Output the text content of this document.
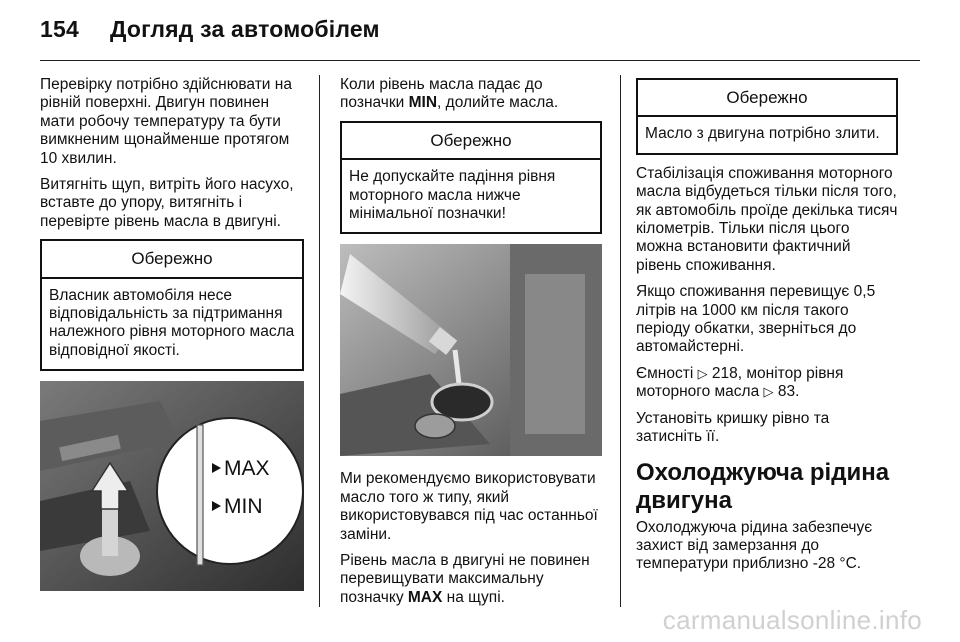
154 Догляд за автомобілем

Перевірку потрібно здійснювати на рівній поверхні. Двигун повинен мати робочу температуру та бути вимкненим щонайменше протягом 10 хвилин.

Витягніть щуп, витріть його насухо, вставте до упору, витягніть і перевірте рівень масла в двигуні.

Обережно
Власник автомобіля несе відповідальність за підтримання належного рівня моторного масла відповідної якості.
MAX
MIN

Коли рівень масла падає до позначки MIN, долийте масла.

Обережно
Не допускайте падіння рівня моторного масла нижче мінімальної позначки!

Ми рекомендуємо використовувати масло того ж типу, який використовувався під час останньої заміни.

Рівень масла в двигуні не повинен перевищувати максимальну позначку MAX на щупі.

Обережно
Масло з двигуна потрібно злити.

Стабілізація споживання моторного масла відбудеться тільки після того, як автомобіль проїде декілька тисяч кілометрів. Тільки після цього можна встановити фактичний рівень споживання.

Якщо споживання перевищує 0,5 літрів на 1000 км після такого періоду обкатки, зверніться до автомайстерні.

Ємності ▷ 218, монітор рівня моторного масла ▷ 83.

Установіть кришку рівно та затисніть її.

Охолоджуюча рідина двигуна

Охолоджуюча рідина забезпечує захист від замерзання до температури приблизно -28 °C.

carmanualsonline.info
